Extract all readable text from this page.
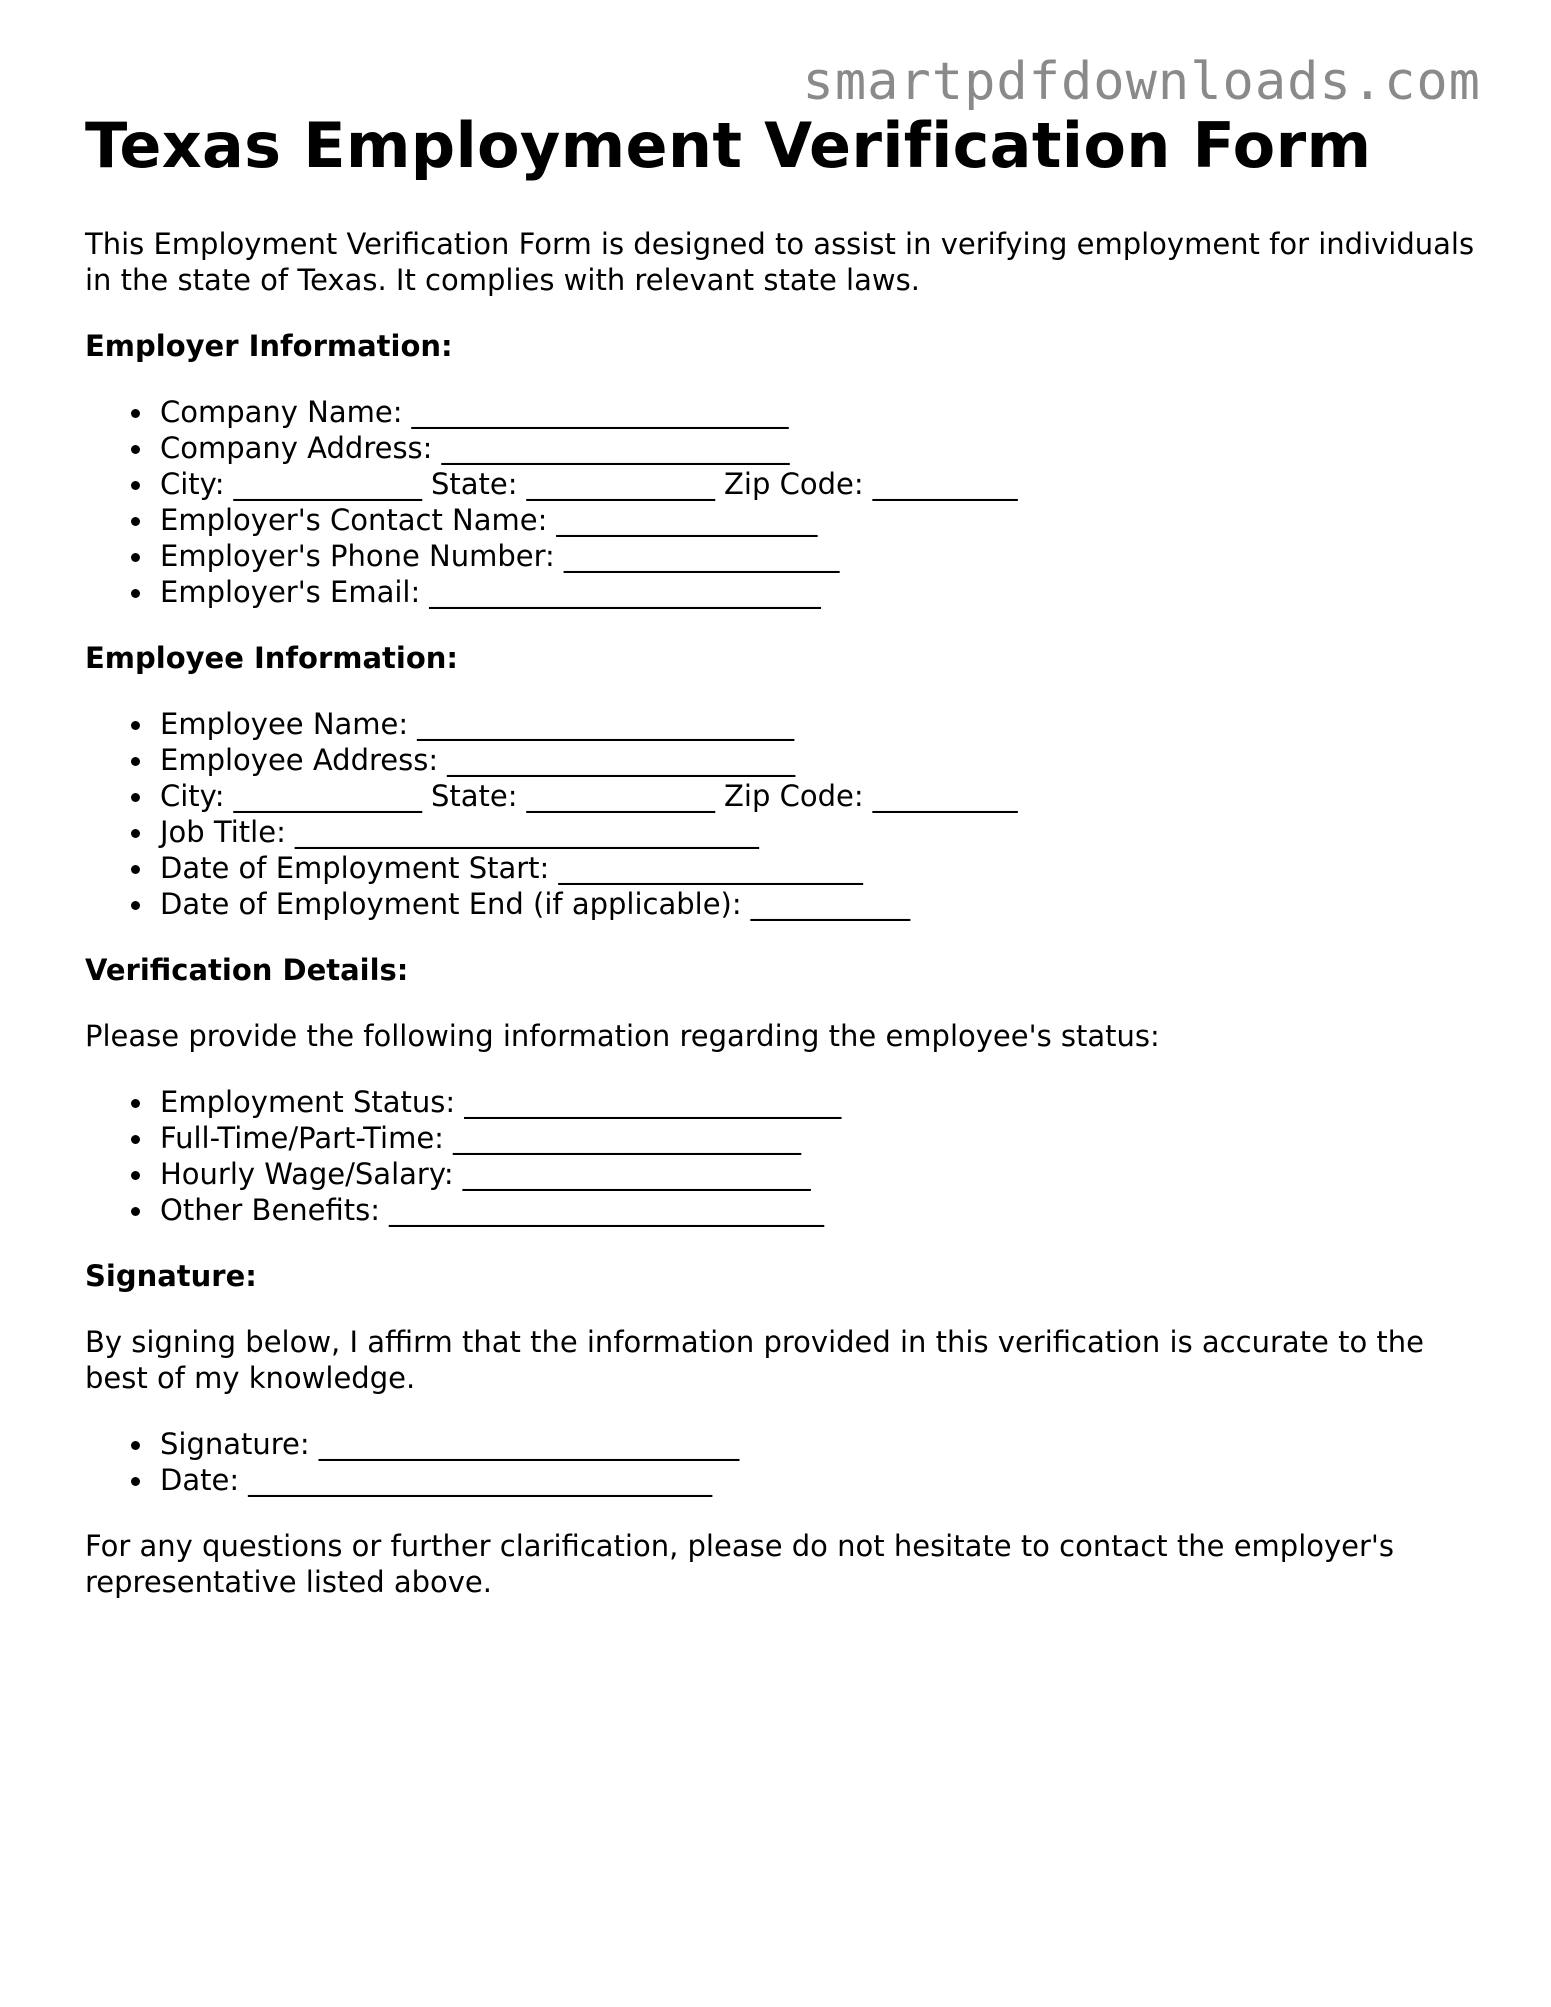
smartpdfdownloads.com
Texas Employment Verification Form

This Employment Verification Form is designed to assist in verifying employment for individuals in the state of Texas. It complies with relevant state laws.

Employer Information:
Company Name: __________________________
Company Address: ________________________
City: _____________ State: _____________ Zip Code: __________
Employer's Contact Name: __________________
Employer's Phone Number: ___________________
Employer's Email: ___________________________
Employee Information:
Employee Name: __________________________
Employee Address: ________________________
City: _____________ State: _____________ Zip Code: __________
Job Title: ________________________________
Date of Employment Start: _____________________
Date of Employment End (if applicable): ___________
Verification Details:

Please provide the following information regarding the employee's status:

Employment Status: __________________________
Full-Time/Part-Time: ________________________
Hourly Wage/Salary: ________________________
Other Benefits: ______________________________
Signature:

By signing below, I affirm that the information provided in this verification is accurate to the best of my knowledge.

Signature: _____________________________
Date: ________________________________

For any questions or further clarification, please do not hesitate to contact the employer's representative listed above.
